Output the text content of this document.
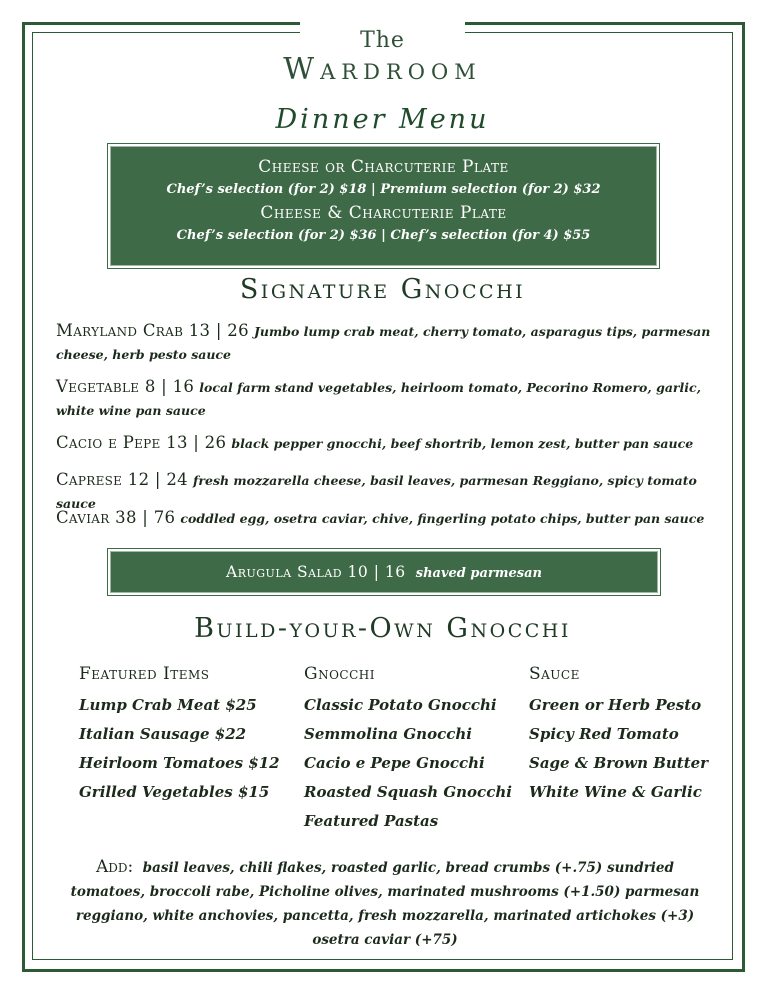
The
Wardroom
Dinner Menu
Cheese or Charcuterie Plate
Chef’s selection (for 2) $18 | Premium selection (for 2) $32
Cheese & Charcuterie Plate
Chef’s selection (for 2) $36 | Chef’s selection (for 4) $55
Signature Gnocchi
Maryland Crab 13 | 26 Jumbo lump crab meat, cherry tomato, asparagus tips, parmesan cheese, herb pesto sauce
Vegetable 8 | 16 local farm stand vegetables, heirloom tomato, Pecorino Romero, garlic, white wine pan sauce
Cacio e Pepe 13 | 26 black pepper gnocchi, beef shortrib, lemon zest, butter pan sauce
Caprese 12 | 24 fresh mozzarella cheese, basil leaves, parmesan Reggiano, spicy tomato sauce
Caviar 38 | 76 coddled egg, osetra caviar, chive, fingerling potato chips, butter pan sauce
Arugula Salad 10 | 16 shaved parmesan
Build-your-Own Gnocchi
Featured Items
Lump Crab Meat $25
Italian Sausage $22
Heirloom Tomatoes $12
Grilled Vegetables $15
Gnocchi
Classic Potato Gnocchi
Semmolina Gnocchi
Cacio e Pepe Gnocchi
Roasted Squash Gnocchi
Featured Pastas
Sauce
Green or Herb Pesto
Spicy Red Tomato
Sage & Brown Butter
White Wine & Garlic
Add: basil leaves, chili flakes, roasted garlic, bread crumbs (+.75) sundried tomatoes, broccoli rabe, Picholine olives, marinated mushrooms (+1.50) parmesan reggiano, white anchovies, pancetta, fresh mozzarella, marinated artichokes (+3) osetra caviar (+75)
